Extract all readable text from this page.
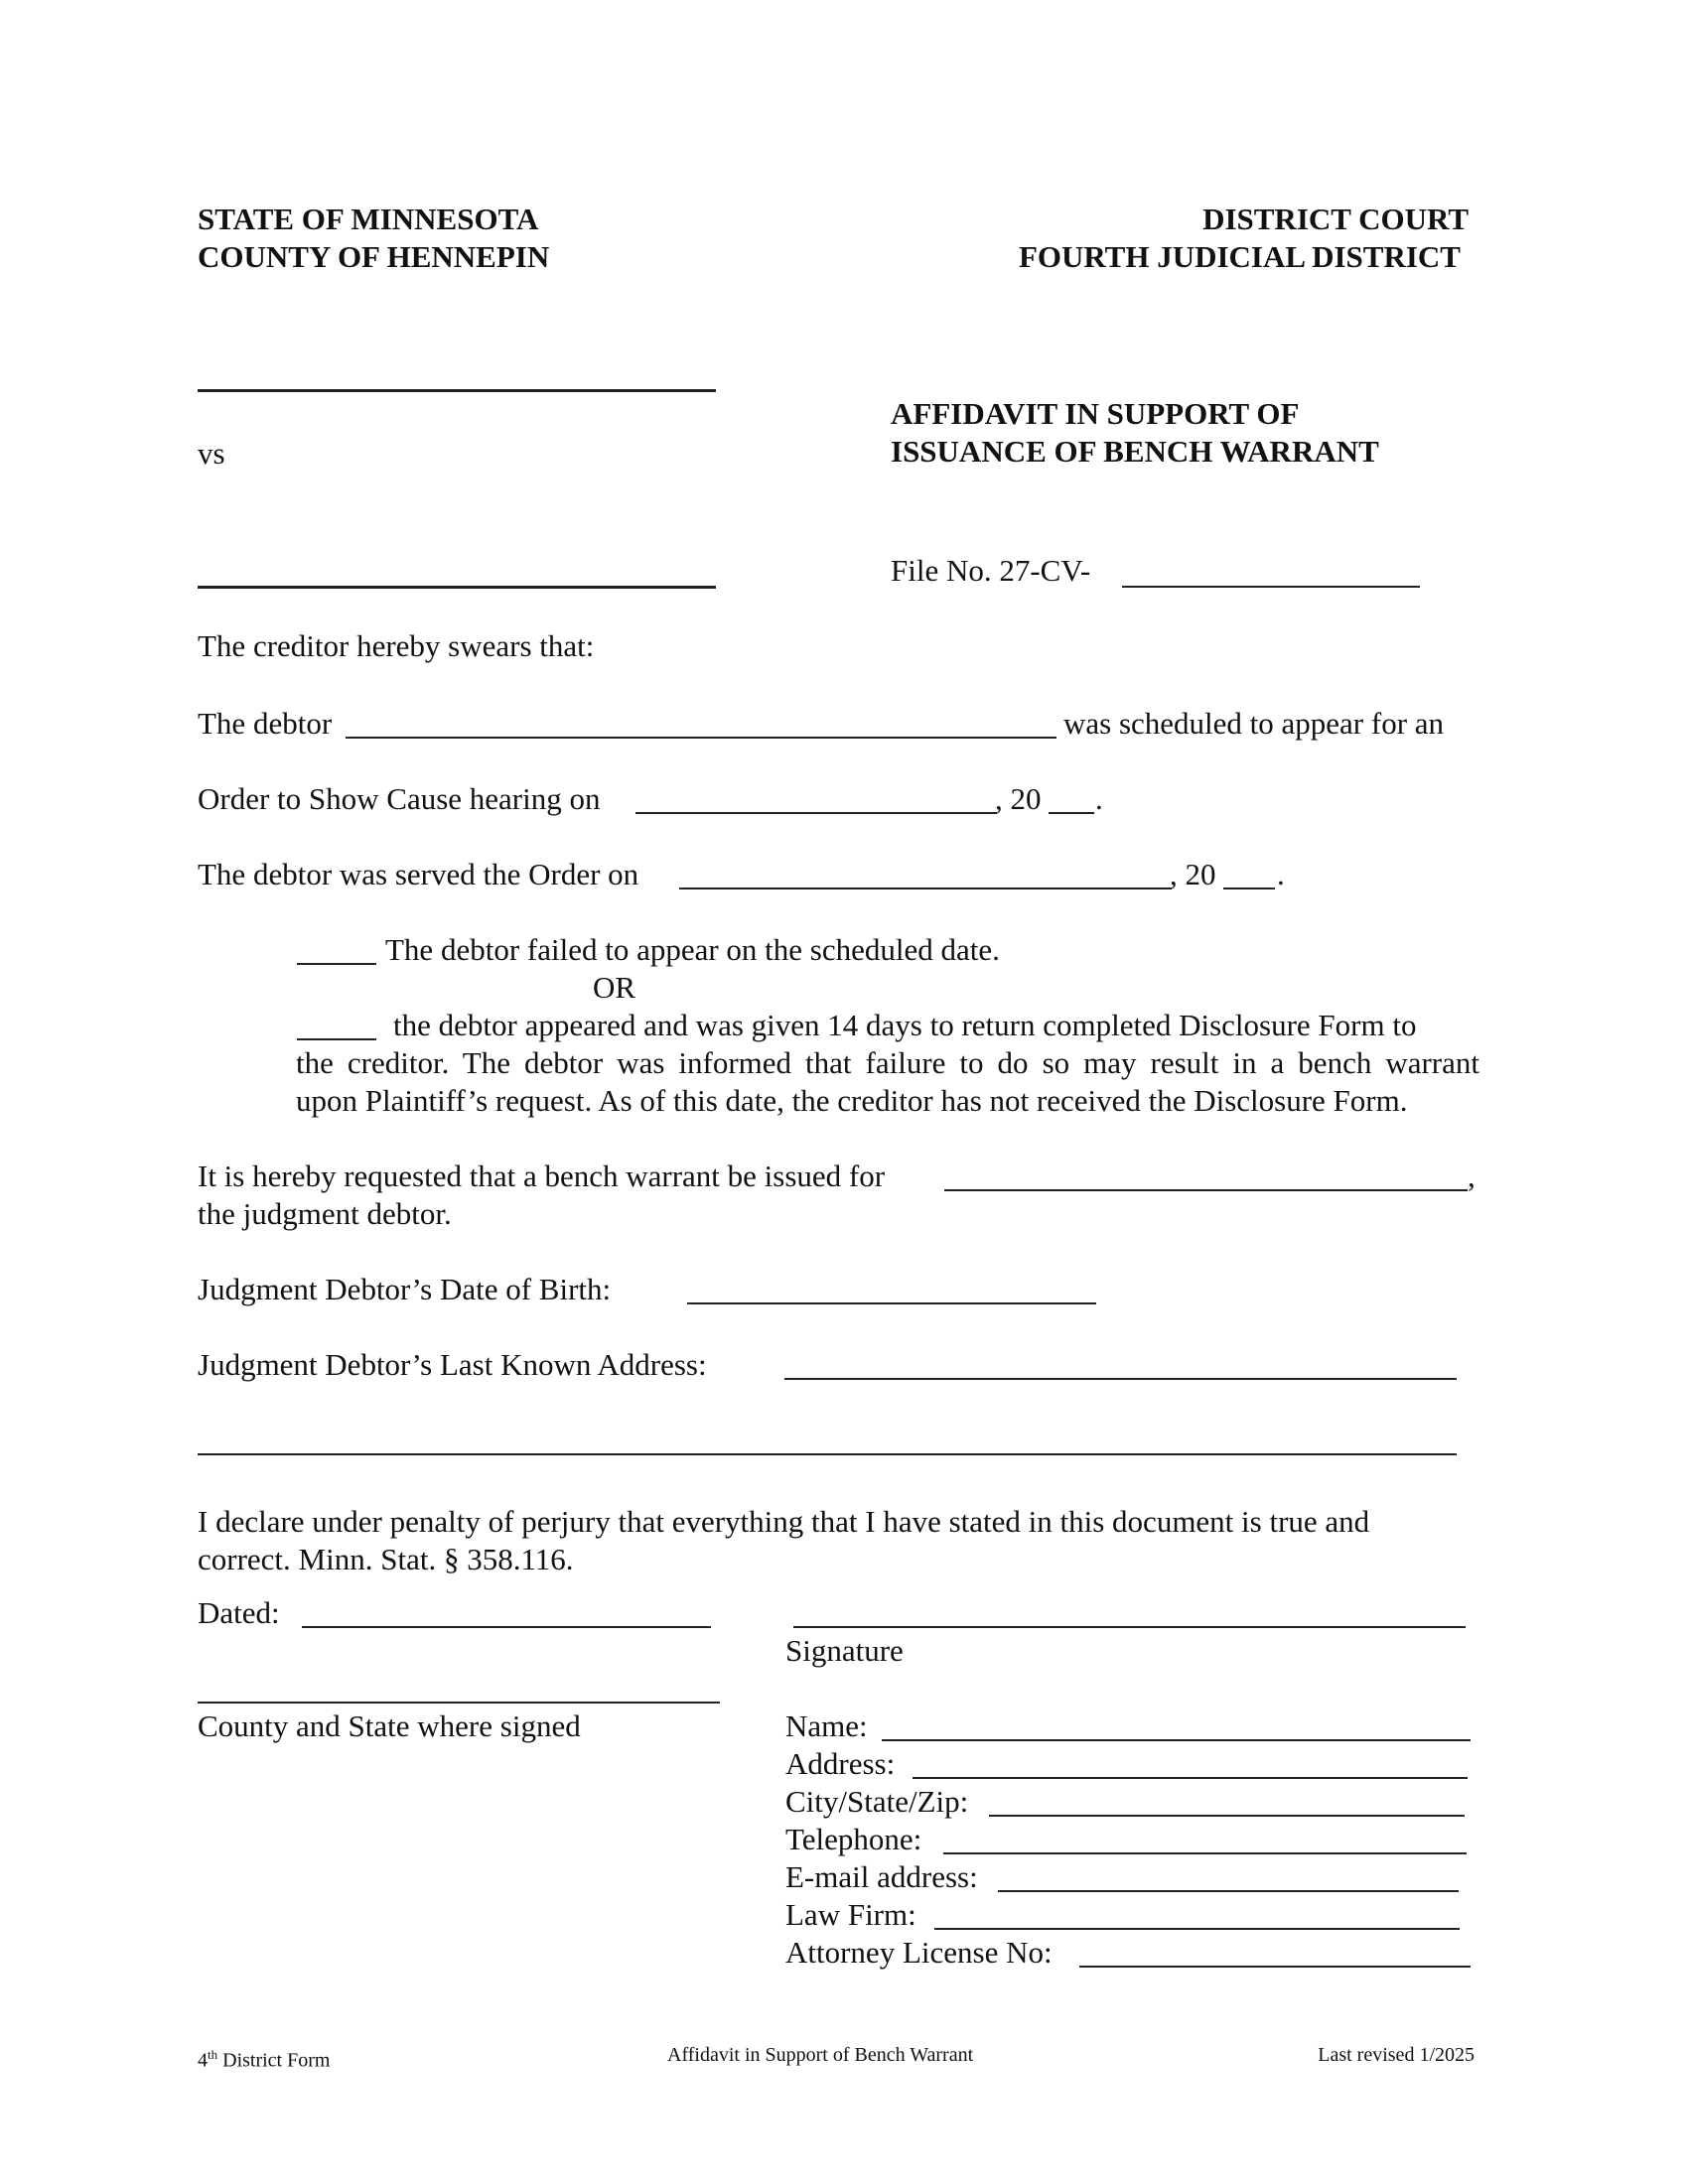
STATE OF MINNESOTA
COUNTY OF HENNEPIN
DISTRICT COURT
FOURTH JUDICIAL DISTRICT
vs
AFFIDAVIT IN SUPPORT OF
ISSUANCE OF BENCH WARRANT
File No. 27-CV-
The creditor hereby swears that:
The debtor	was scheduled to appear for an
Order to Show Cause hearing on	, 20 .
The debtor was served the Order on	, 20 .
The debtor failed to appear on the scheduled date.
OR
the debtor appeared and was given 14 days to return completed Disclosure Form to
the creditor. The debtor was informed that failure to do so may result in a bench warrant
upon Plaintiff’s request. As of this date, the creditor has not received the Disclosure Form.
It is hereby requested that a bench warrant be issued for	,
the judgment debtor.
Judgment Debtor’s Date of Birth:
Judgment Debtor’s Last Known Address:
I declare under penalty of perjury that everything that I have stated in this document is true and
correct. Minn. Stat. § 358.116.
Dated:
Signature
County and State where signed	Name:
Address:
City/State/Zip:
Telephone:
E-mail address:
Law Firm:
Attorney License No:
4th District Form	Affidavit in Support of Bench Warrant	Last revised 1/2025
